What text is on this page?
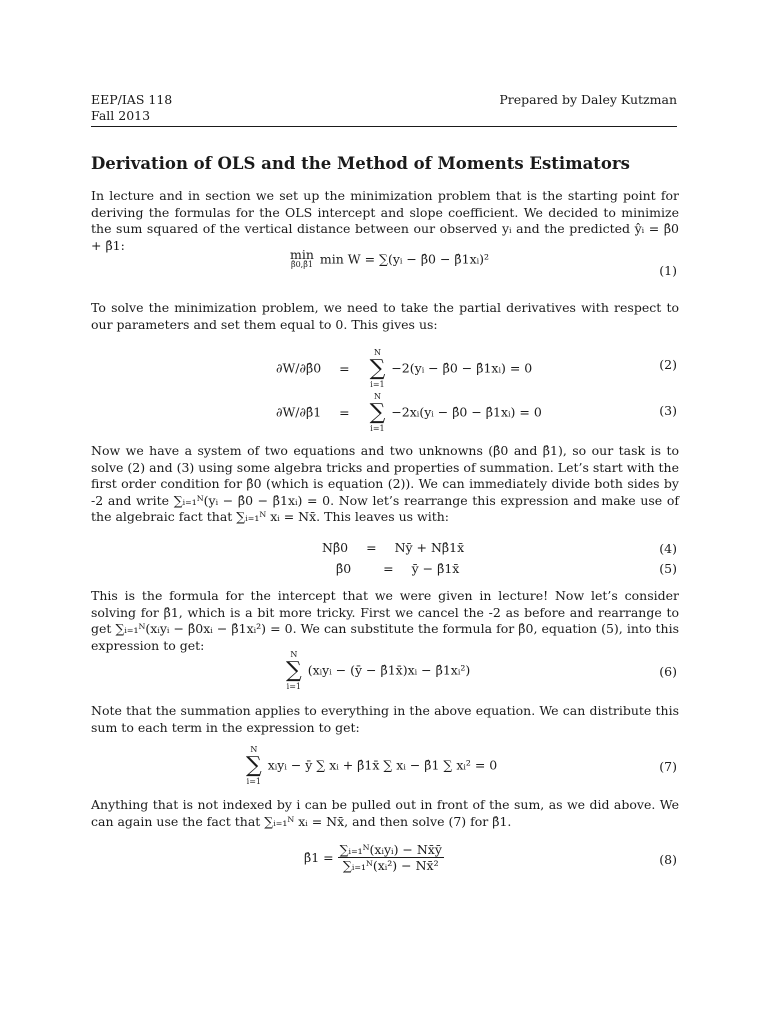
EEP/IAS 118
Fall 2013
Prepared by Daley Kutzman
Derivation of OLS and the Method of Moments Estimators

In lecture and in section we set up the minimization problem that is the starting point for deriving the formulas for the OLS intercept and slope coefficient. We decided to minimize the sum squared of the vertical distance between our observed yᵢ and the predicted ŷᵢ = β̂0 + β̂1:

min
β̂0,β̂1 min W = ∑(yᵢ − β̂0 − β̂1xᵢ)²
(1)

To solve the minimization problem, we need to take the partial derivatives with respect to our parameters and set them equal to 0. This gives us:

∂W/∂β̂0 =
N
∑
i=1
−2(yᵢ − β̂0 − β̂1xᵢ) = 0	(2)
∂W/∂β̂1 =
N
∑
i=1
−2xᵢ(yᵢ − β̂0 − β̂1xᵢ) = 0	(3)

Now we have a system of two equations and two unknowns (β̂0 and β̂1), so our task is to solve (2) and (3) using some algebra tricks and properties of summation. Let’s start with the first order condition for β̂0 (which is equation (2)). We can immediately divide both sides by -2 and write ∑ᵢ₌₁ᴺ(yᵢ − β̂0 − β̂1xᵢ) = 0. Now let’s rearrange this expression and make use of the algebraic fact that ∑ᵢ₌₁ᴺ xᵢ = Nx̄. This leaves us with:

Nβ̂0 = Nȳ + Nβ̂1x̄	(4)
β̂0	= ȳ − β̂1x̄	(5)

This is the formula for the intercept that we were given in lecture! Now let’s consider solving for β̂1, which is a bit more tricky. First we cancel the -2 as before and rearrange to get ∑ᵢ₌₁ᴺ(xᵢyᵢ − β̂0xᵢ − β̂1xᵢ²) = 0. We can substitute the formula for β̂0, equation (5), into this expression to get:

N
∑
i=1
(xᵢyᵢ − (ȳ − β̂1x̄)xᵢ − β̂1xᵢ²)	(6)

Note that the summation applies to everything in the above equation. We can distribute this sum to each term in the expression to get:

N
∑
i=1
xᵢyᵢ − ȳ ∑ xᵢ + β̂1x̄ ∑ xᵢ − β̂1 ∑ xᵢ² = 0	(7)

Anything that is not indexed by i can be pulled out in front of the sum, as we did above. We can again use the fact that ∑ᵢ₌₁ᴺ xᵢ = Nx̄, and then solve (7) for β̂1.

β̂1 = $\frac{\text{∑ᵢ₌₁ᴺ(xᵢyᵢ) − Nx̄ȳ}}{\text{∑ᵢ₌₁ᴺ(xᵢ²) − Nx̄²}}$	(8)
